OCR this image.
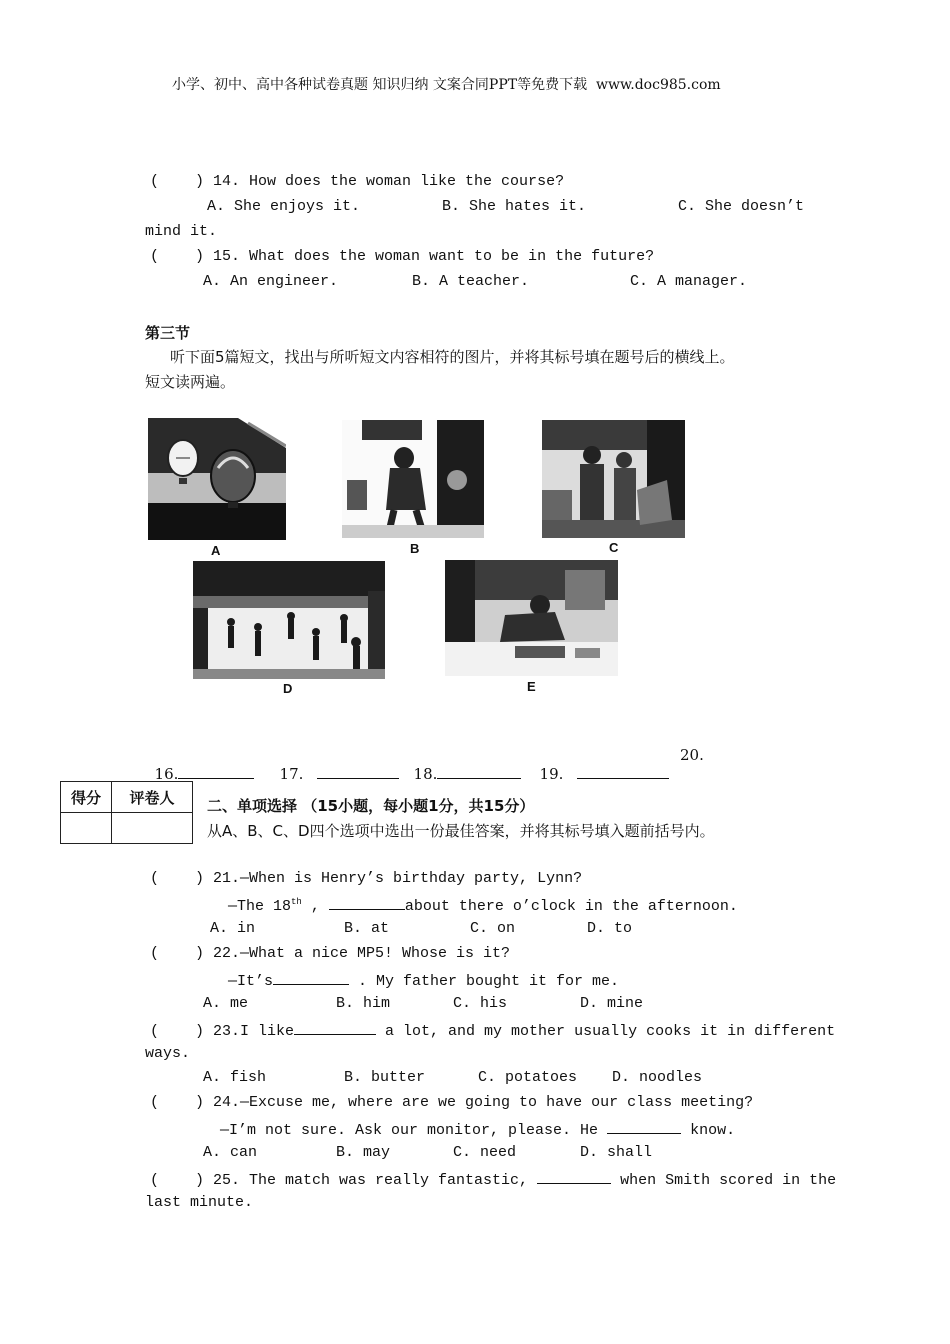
小学、初中、高中各种试卷真题 知识归纳 文案合同PPT等免费下载  www.doc985.com
(    ) 14. How does the woman like the course?
A. She enjoys it.	B. She hates it.	C. She doesn’t
mind it.
(    ) 15. What does the woman want to be in the future?
A. An engineer.	B. A teacher.	C. A manager.
第三节
听下面5篇短文，找出与所听短文内容相符的图片，并将其标号填在题号后的横线上。
短文读两遍。
A	B	C
D	E

16.	17.	18.	19.

20.
得分	评卷人
	二、单项选择 （15小题，每小题1分，共15分）
从A、B、C、D四个选项中选出一份最佳答案，并将其标号填入题前括号内。
(    ) 21.—When is Henry’s birthday party, Lynn?
—The 18th ,	about there o’clock in the afternoon.
A. in	B. at	C. on	D. to
(    ) 22.—What a nice MP5! Whose is it?
—It’s	. My father bought it for me.
A. me	B. him	C. his	D. mine
(    ) 23.I like	a lot, and my mother usually cooks it in different
ways.
A. fish	B. butter	C. potatoes D. noodles
(    ) 24.—Excuse me, where are we going to have our class meeting?
—I’m not sure. Ask our monitor, please. He	know.
A. can	B. may	C. need	D. shall
(    ) 25. The match was really fantastic,	when Smith scored in the
last minute.
